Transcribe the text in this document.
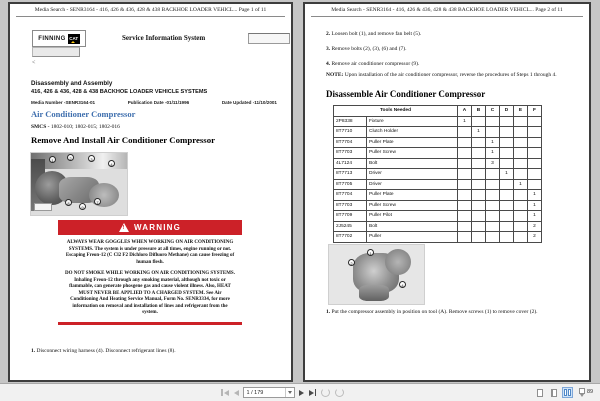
Media Search - SENR3164 - 416, 426 & 436, 428 & 438 BACKHOE LOADER VEHICL... Page 1 of 11
FINNING CAT	Service Information System
<
Disassembly and Assembly
416, 426 & 436, 428 & 438 BACKHOE LOADER VEHICLE SYSTEMS
Media Number -SENR3164-01	Publication Date -01/11/1996	Date Updated -11/10/2001
Air Conditioner Compressor
SMCS - 1802-010; 1802-015; 1802-016
Remove And Install Air Conditioner Compressor
1	2	3
4
8
9
7
!
WARNING
ALWAYS WEAR GOGGLES WHEN WORKING ON AIR CONDITIONING SYSTEMS. The system is under pressure at all times, engine running or not. Escaping Freon-12 (C Cl2 F2 Dichloro Difluoro Methane) can cause freezing of human flesh.
DO NOT SMOKE WHILE WORKING ON AIR CONDITIONING SYSTEMS. Inhaling Freon-12 through any smoking material, although not toxic or flammable, can generate phosgene gas and cause violent illness. Also, HEAT MUST NEVER BE APPLIED TO A CHARGED SYSTEM. See Air Conditioning And Heating Service Manual, Form No. SENR3334, for more information on removal and installation of lines and refrigerant from the system.
1. Disconnect wiring harness (4). Disconnect refrigerant lines (8).
Media Search - SENR3164 - 416, 426 & 436, 428 & 438 BACKHOE LOADER VEHICL... Page 2 of 11
2. Loosen bolt (1), and remove fan belt (5).
3. Remove bolts (2), (3), (6) and (7).
4. Remove air conditioner compressor (9).
NOTE: Upon installation of the air conditioner compressor, reverse the procedures of Steps 1 through 4.
Disassemble Air Conditioner Compressor
Tools Needed		A	B	C	D	E	F
2P8338	Fixture	1					
8T7710	Clutch Holder		1				
8T7704	Puller Plate			1			
8T7703	Puller Screw			1			
4L7124	Bolt			3			
8T7713	Driver				1		
8T7705	Driver					1	
8T7704	Puller Plate						1
8T7703	Puller Screw						1
8T7709	Puller Pilot						1
2J5245	Bolt						2
8T7702	Puller						2
1
2
4
1. Put the compressor assembly in position on tool (A). Remove screws (1) to remove cover (2).
1 / 179
89
